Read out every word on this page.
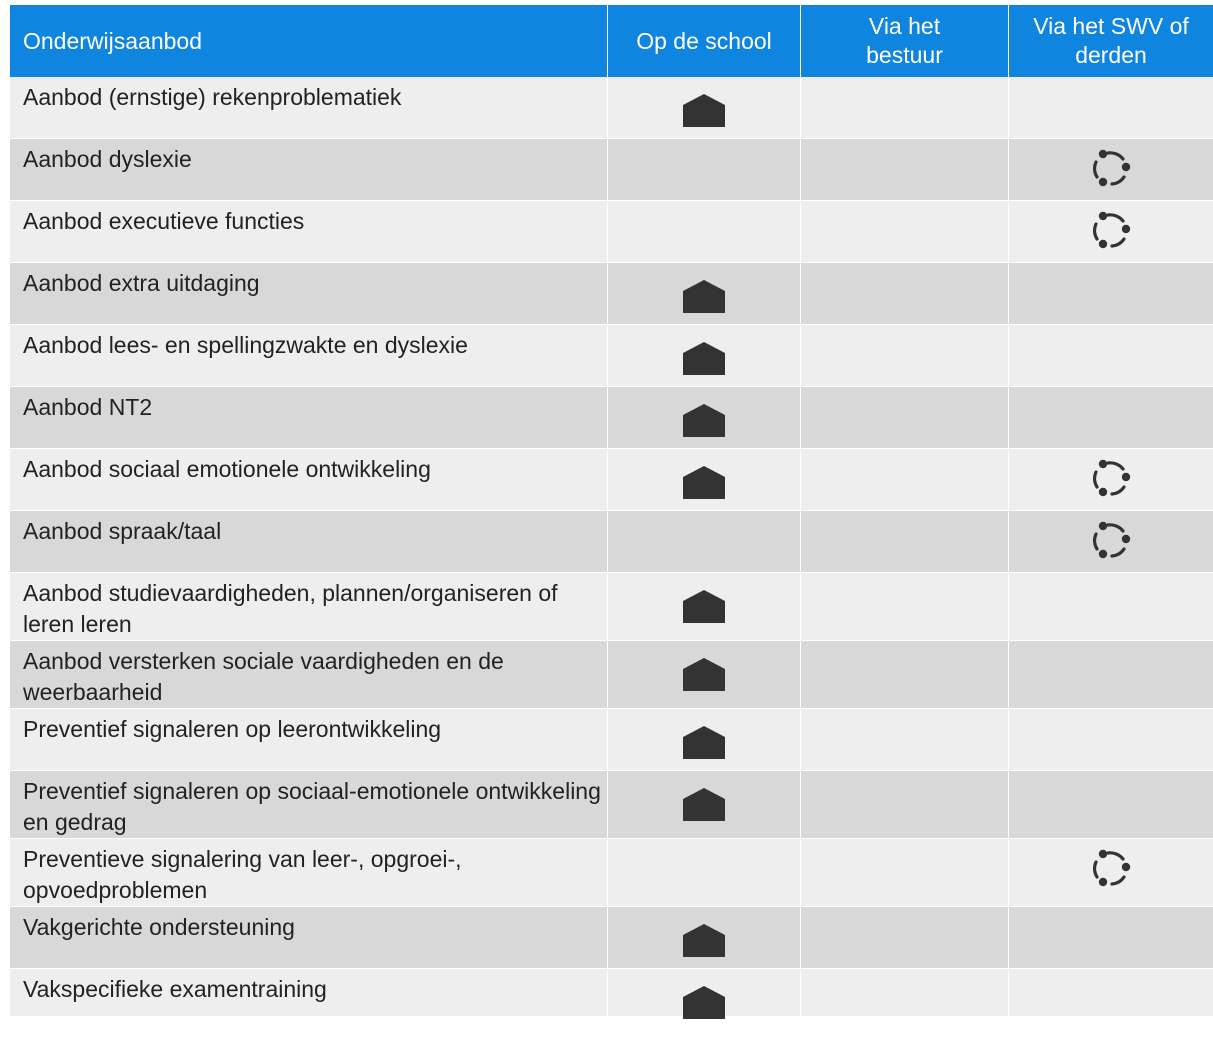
Onderwijsaanbod	Op de school	Via het bestuur	Via het SWV of derden

Aanbod (ernstige) rekenproblematiek	

Aanbod dyslexie			

Aanbod executieve functies			

Aanbod extra uitdaging	

Aanbod lees- en spellingzwakte en dyslexie	

Aanbod NT2	

Aanbod sociaal emotionele ontwikkeling	

Aanbod spraak/taal			

Aanbod studievaardigheden, plannen/organiseren of leren leren	

Aanbod versterken sociale vaardigheden en de weerbaarheid	

Preventief signaleren op leerontwikkeling	

Preventief signaleren op sociaal-emotionele ontwikkeling en gedrag	

Preventieve signalering van leer-, opgroei-, opvoedproblemen			

Vakgerichte ondersteuning	

Vakspecifieke examentraining	
